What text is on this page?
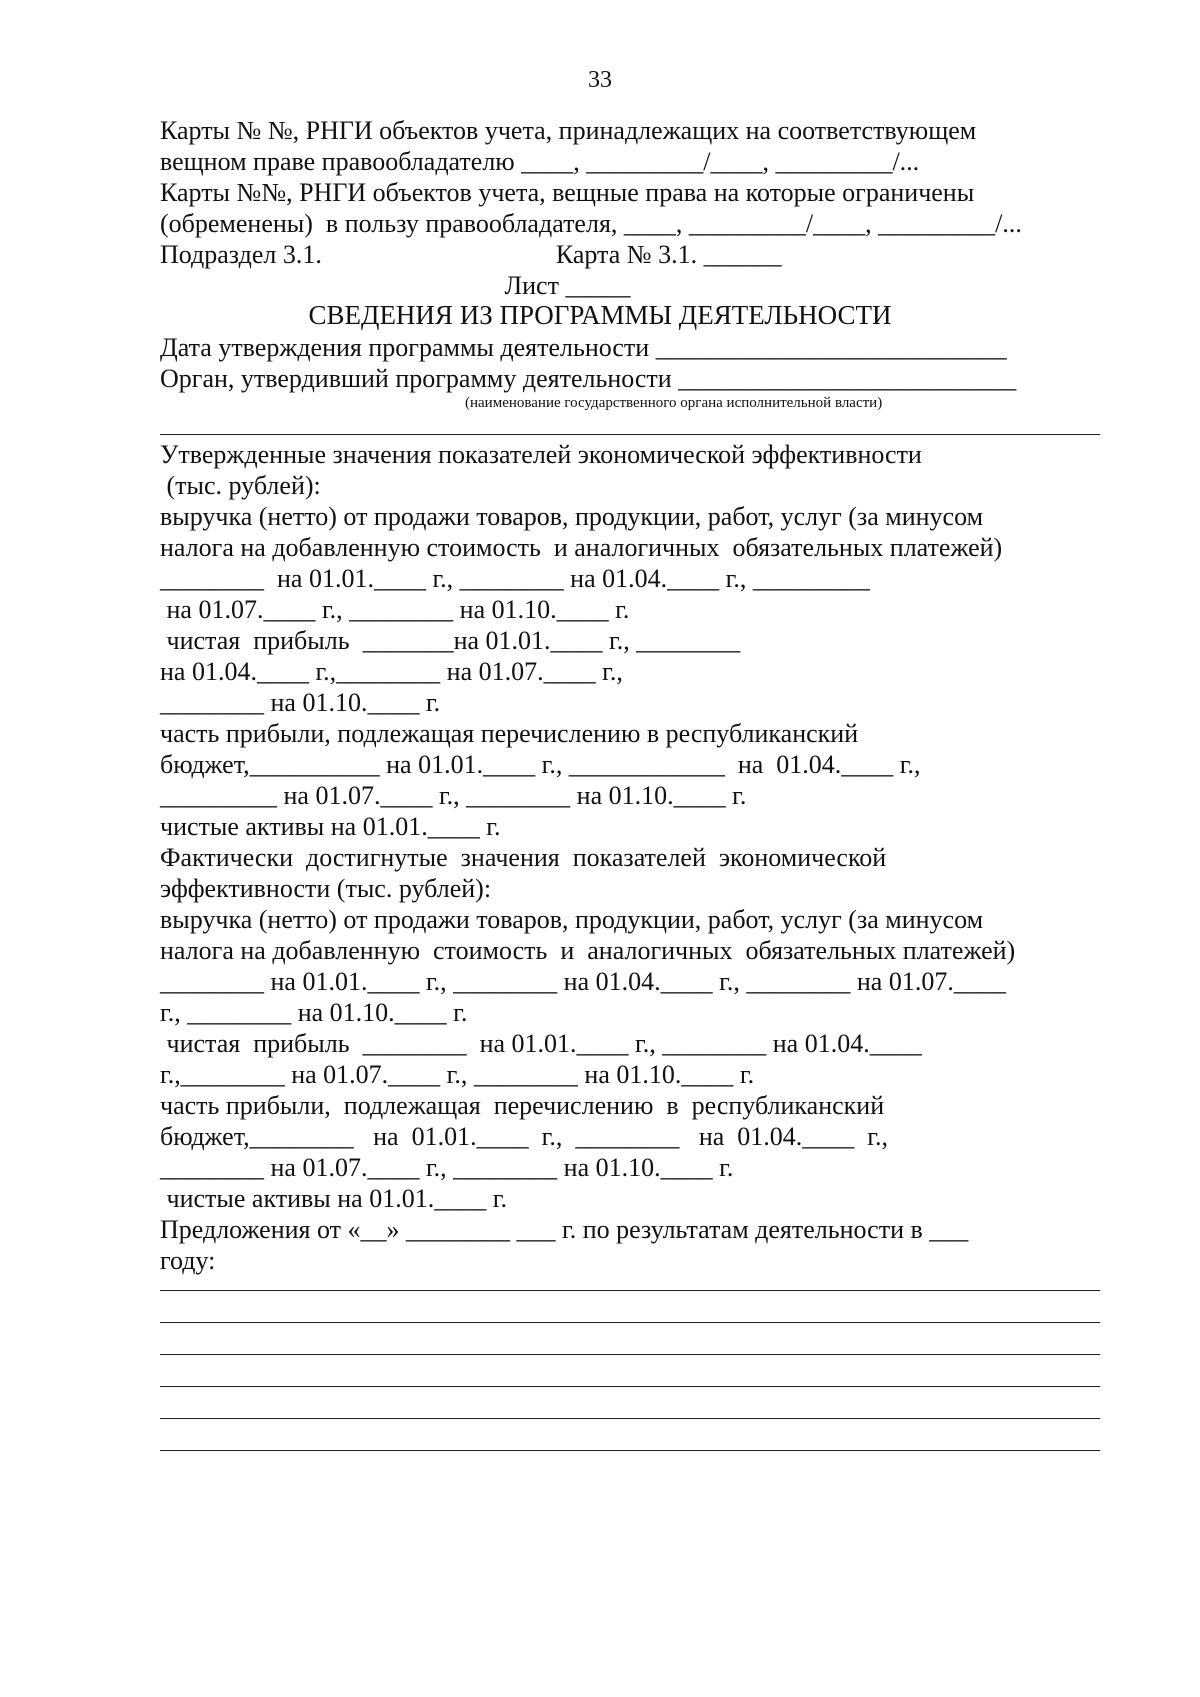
33
Карты № №, РНГИ объектов учета, принадлежащих на соответствующем
вещном праве правообладателю ____, _________/____, _________/...
Карты №№, РНГИ объектов учета, вещные права на которые ограничены
(обременены)  в пользу правообладателя, ____, _________/____, _________/...
Подраздел 3.1.                                    Карта № 3.1. ______
Лист _____
СВЕДЕНИЯ ИЗ ПРОГРАММЫ ДЕЯТЕЛЬНОСТИ
Дата утверждения программы деятельности ___________________________
Орган, утвердивший программу деятельности __________________________
(наименование государственного органа исполнительной власти)
Утвержденные значения показателей экономической эффективности
(тыс. рублей):
выручка (нетто) от продажи товаров, продукции, работ, услуг (за минусом
налога на добавленную стоимость  и аналогичных  обязательных платежей)
________  на 01.01.____ г., ________ на 01.04.____ г., _________
на 01.07.____ г., ________ на 01.10.____ г.
чистая  прибыль  _______на 01.01.____ г., ________
на 01.04.____ г.,________ на 01.07.____ г.,
________ на 01.10.____ г.
часть прибыли, подлежащая перечислению в республиканский
бюджет,__________ на 01.01.____ г., ____________  на  01.04.____ г.,
_________ на 01.07.____ г., ________ на 01.10.____ г.
чистые активы на 01.01.____ г.
Фактически  достигнутые  значения  показателей  экономической
эффективности (тыс. рублей):
выручка (нетто) от продажи товаров, продукции, работ, услуг (за минусом
налога на добавленную  стоимость  и  аналогичных  обязательных платежей)
________ на 01.01.____ г., ________ на 01.04.____ г., ________ на 01.07.____
г., ________ на 01.10.____ г.
чистая  прибыль  ________  на 01.01.____ г., ________ на 01.04.____
г.,________ на 01.07.____ г., ________ на 01.10.____ г.
часть прибыли,  подлежащая  перечислению  в  республиканский
бюджет,________   на  01.01.____  г.,  ________   на  01.04.____  г.,
________ на 01.07.____ г., ________ на 01.10.____ г.
чистые активы на 01.01.____ г.
Предложения от «__» ________ ___ г. по результатам деятельности в ___
году:
